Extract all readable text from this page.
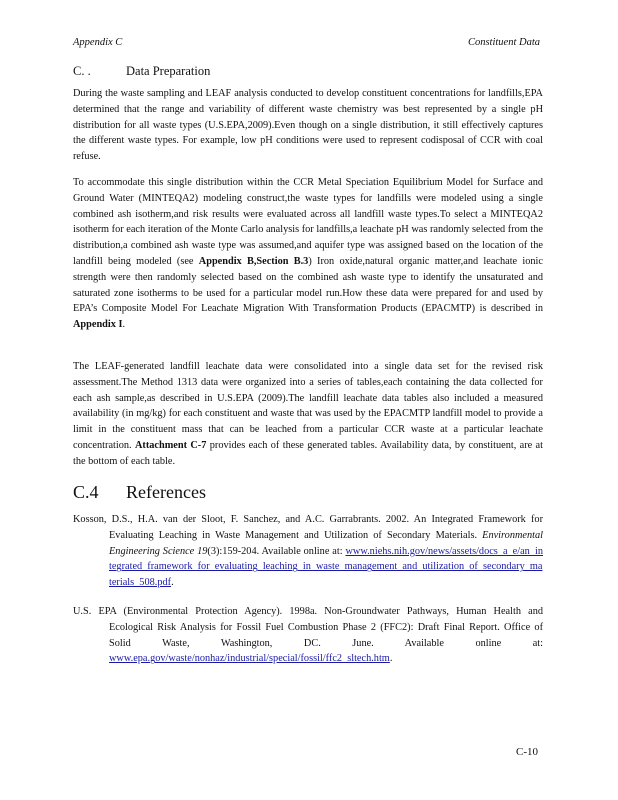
Appendix C	Constituent Data
C. .	Data Preparation
During the waste sampling and LEAF analysis conducted to develop constituent concentrations for landfills,EPA determined that the range and variability of different waste chemistry was best represented by a single pH distribution for all waste types (U.S.EPA,2009).Even though on a single distribution, it still effectively captures the different waste types. For example, low pH conditions were used to represent codisposal of CCR with coal refuse.
To accommodate this single distribution within the CCR Metal Speciation Equilibrium Model for Surface and Ground Water (MINTEQA2) modeling construct,the waste types for landfills were modeled using a single combined ash isotherm,and risk results were evaluated across all landfill waste types.To select a MINTEQA2 isotherm for each iteration of the Monte Carlo analysis for landfills,a leachate pH was randomly selected from the distribution,a combined ash waste type was assumed,and aquifer type was assigned based on the location of the landfill being modeled (see Appendix B,Section B.3) Iron oxide,natural organic matter,and leachate ionic strength were then randomly selected based on the combined ash waste type to identify the unsaturated and saturated zone isotherms to be used for a particular model run.How these data were prepared for and used by EPA’s Composite Model For Leachate Migration With Transformation Products (EPACMTP) is described in Appendix I.
The LEAF-generated landfill leachate data were consolidated into a single data set for the revised risk assessment.The Method 1313 data were organized into a series of tables,each containing the data collected for each ash sample,as described in U.S.EPA (2009).The landfill leachate data tables also included a measured availability (in mg/kg) for each constituent and waste that was used by the EPACMTP landfill model to provide a limit in the constituent mass that can be leached from a particular CCR waste at a particular leachate concentration. Attachment C-7 provides each of these generated tables. Availability data, by constituent, are at the bottom of each table.
C.4 References
Kosson, D.S., H.A. van der Sloot, F. Sanchez, and A.C. Garrabrants. 2002. An Integrated Framework for Evaluating Leaching in Waste Management and Utilization of Secondary Materials. Environmental Engineering Science 19(3):159-204. Available online at: www.niehs.nih.gov/news/assets/docs_a_e/an_integrated_framework_for_evaluating_leaching_in_waste_management_and_utilization_of_secondary_materials_508.pdf.
U.S. EPA (Environmental Protection Agency). 1998a. Non-Groundwater Pathways, Human Health and Ecological Risk Analysis for Fossil Fuel Combustion Phase 2 (FFC2): Draft Final Report. Office of Solid Waste, Washington, DC. June. Available online at: www.epa.gov/waste/nonhaz/industrial/special/fossil/ffc2_sltech.htm.
C-10
